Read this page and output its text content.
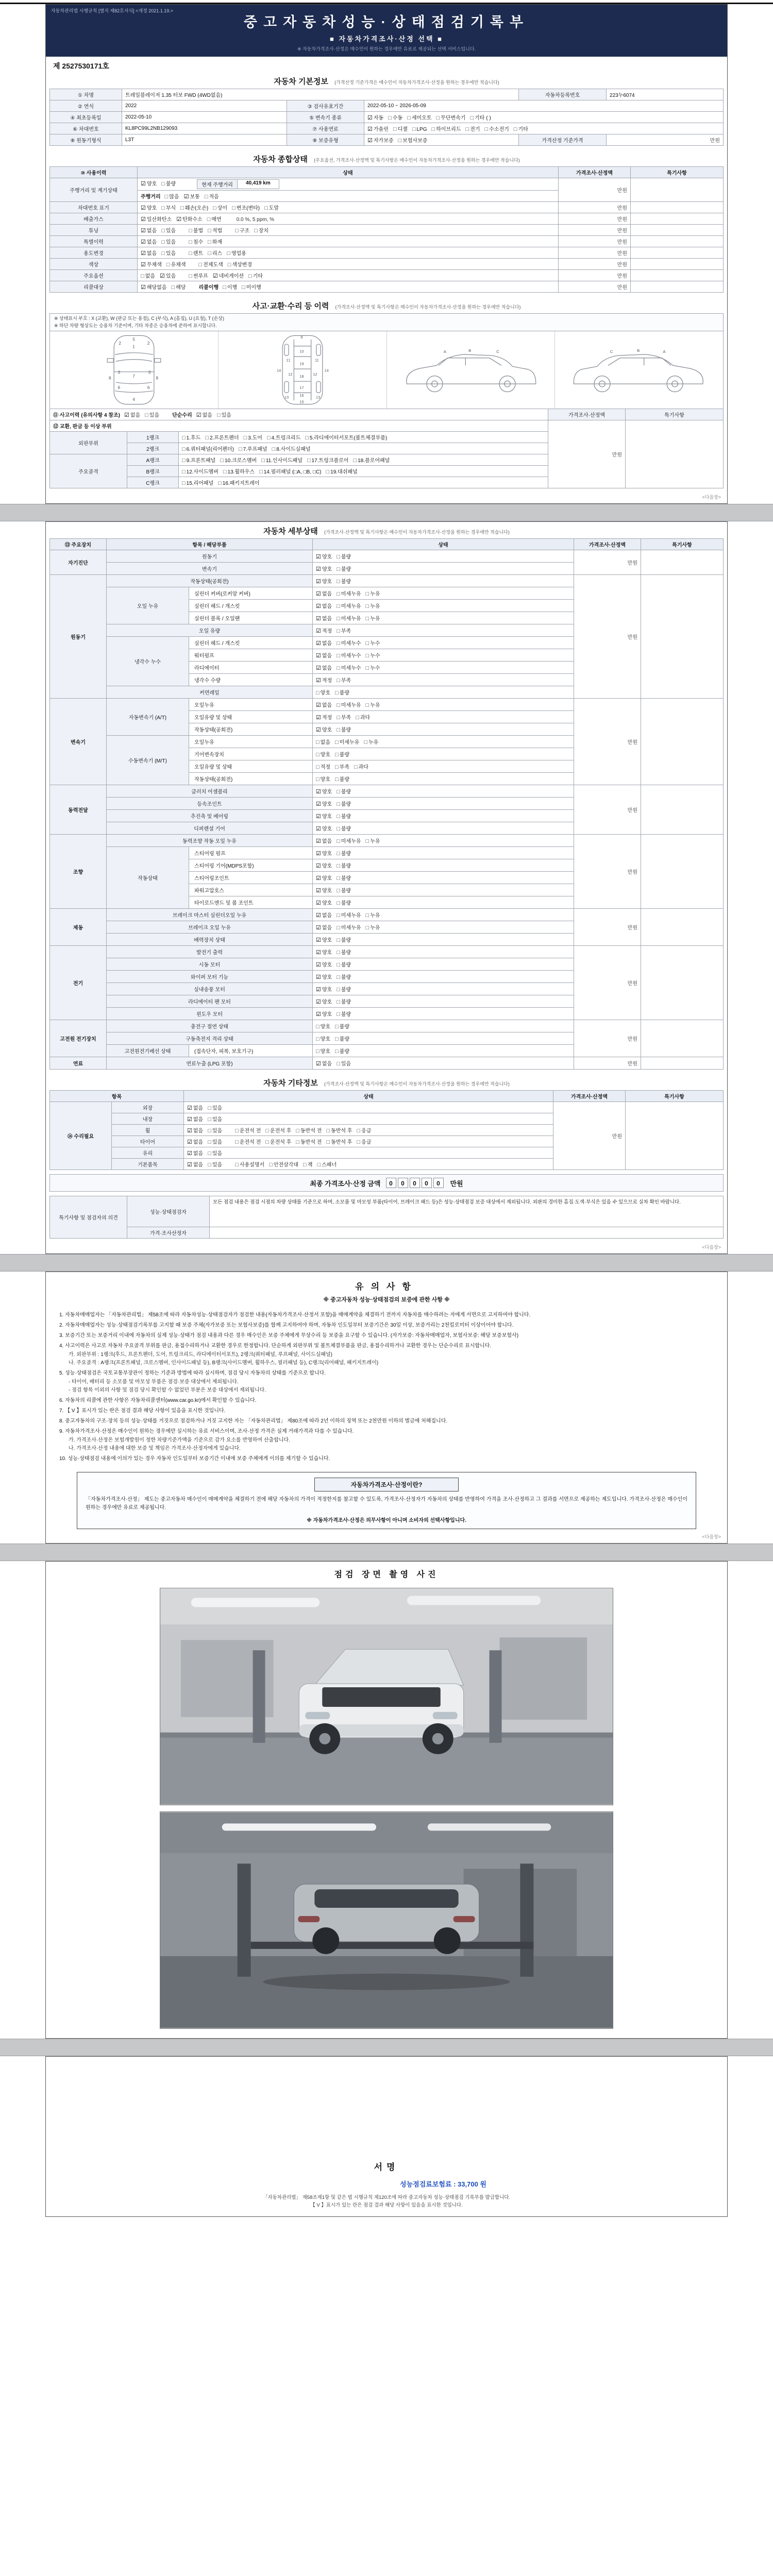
자동차관리법 시행규칙 [별지 제82호서식] <개정 2021.1.19.>
중고자동차성능·상태점검기록부
■ 자동차가격조사·산정 선택 ■
※ 자동차가격조사·산정은 매수인이 원하는 경우에만 유료로 제공되는 선택 서비스입니다.
제 2527530171호
자동차 기본정보 (가격산정 기준가격은 매수인이 자동차가격조사·산정을 원하는 경우에만 적습니다)
① 차명	트레일블레이저 1.35 터보 FWD (4WD없음)			자동차등록번호	223누6074
② 연식	2022	③ 검사유효기간	2022-05-10 ~ 2026-05-09		
④ 최초등록일	2022-05-10	⑤ 변속기 종류	☑ 자동 □ 수동 □ 세미오토 □ 무단변속기 □ 기타 ( )		
⑥ 차대번호	KL8PC99L2NB129093	⑦ 사용연료	☑ 가솔린 □ 디젤 □ LPG □ 하이브리드 □ 전기 □ 수소전기 □ 기타		
⑧ 원동기형식	L3T	⑨ 보증유형	☑ 자가보증 □ 보험사보증	가격산정 기준가격	만원
자동차 종합상태 (주요옵션, 가격조사·산정액 및 특기사항은 매수인이 자동차가격조사·산정을 원하는 경우에만 적습니다)
⑩ 사용이력	상태	가격조사·산정액	특기사항
주행거리 및 계기상태	☑ 양호 □ 불량 현재 주행거리 40,419 km	만원	
	주행거리 □ 많음 ☑ 보통 □ 적음		
차대번호 표기	☑ 양호 □ 부식 □ 훼손(오손) □ 상이 □ 변조(변타) □ 도말	만원	
배출가스	☑ 일산화탄소 ☑ 탄화수소 □ 매연 0.0 %, 5 ppm, %	만원	
튜닝	☑ 없음 □ 있음 □ 불법 □ 적법 □ 구조 □ 장치	만원	
특별이력	☑ 없음 □ 있음 □ 침수 □ 화재	만원	
용도변경	☑ 없음 □ 있음 □ 렌트 □ 리스 □ 영업용	만원	
색상	☑ 무채색 □ 유채색 □ 전체도색 □ 색상변경	만원	
주요옵션	□ 없음 ☑ 있음 □ 썬루프 ☑ 네비게이션 □ 기타	만원	
리콜대상	☑ 해당없음 □ 해당 리콜이행 □ 이행 □ 미이행	만원	
사고·교환·수리 등 이력 (가격조사·산정액 및 특기사항은 매수인이 자동차가격조사·산정을 원하는 경우에만 적습니다)
※ 상태표시 부호 : X (교환), W (판금 또는 용접), C (부식), A (흠집), U (요철), T (손상)
※ 하단 차량 형상도는 승용차 기준이며, 기타 차종은 승용차에 준하여 표시합니다.
1
2	2
3	3
4
5
6	6
7
8	8
9
10
11	11
19
12	12
18
13	13
17
15
16
14	14
A	B	C	C	B	A
⑪ 사고이력 (유의사항 4 참조) ☑ 없음 □ 있음 단순수리 ☑ 없음 □ 있음			가격조사·산정액	특기사항
⑫ 교환, 판금 등 이상 부위			만원	
외판부위	1랭크	□ 1.후드 □ 2.프론트펜더 □ 3.도어 □ 4.트렁크리드 □ 5.라디에이터서포트(볼트체결부품)		
	2랭크	□ 6.쿼터패널(리어펜더) □ 7.루프패널 □ 8.사이드실패널		
주요골격	A랭크	□ 9.프론트패널 □ 10.크로스멤버 □ 11.인사이드패널 □ 17.트렁크플로어 □ 18.플로어패널		
	B랭크	□ 12.사이드멤버 □ 13.휠하우스 □ 14.필러패널 (□A, □B, □C) □ 19.대쉬패널		
	C랭크	□ 15.리어패널 □ 16.패키지트레이		
<다음장>
자동차 세부상태 (가격조사·산정액 및 특기사항은 매수인이 자동차가격조사·산정을 원하는 경우에만 적습니다)
⑬ 주요장치	항목 / 해당부품		상태	가격조사·산정액	특기사항
자기진단	원동기		☑ 양호 □ 불량	만원	
	변속기		☑ 양호 □ 불량		
원동기	작동상태(공회전)		☑ 양호 □ 불량	만원	
	오일 누유	실린더 커버(로커암 커버)	☑ 없음 □ 미세누유 □ 누유		
		실린더 헤드 / 개스킷	☑ 없음 □ 미세누유 □ 누유		
		실린더 블록 / 오일팬	☑ 없음 □ 미세누유 □ 누유		
	오일 유량		☑ 적정 □ 부족		
	냉각수 누수	실린더 헤드 / 개스킷	☑ 없음 □ 미세누수 □ 누수		
		워터펌프	☑ 없음 □ 미세누수 □ 누수		
		라디에이터	☑ 없음 □ 미세누수 □ 누수		
		냉각수 수량	☑ 적정 □ 부족		
	커먼레일		□ 양호 □ 불량		
변속기	자동변속기 (A/T)	오일누유	☑ 없음 □ 미세누유 □ 누유	만원	
		오일유량 및 상태	☑ 적정 □ 부족 □ 과다		
		작동상태(공회전)	☑ 양호 □ 불량		
	수동변속기 (M/T)	오일누유	□ 없음 □ 미세누유 □ 누유		
		기어변속장치	□ 양호 □ 불량		
		오일유량 및 상태	□ 적정 □ 부족 □ 과다		
		작동상태(공회전)	□ 양호 □ 불량		
동력전달	클러치 어셈블리		☑ 양호 □ 불량	만원	
	등속조인트		☑ 양호 □ 불량		
	추진축 및 베어링		☑ 양호 □ 불량		
	디퍼렌셜 기어		☑ 양호 □ 불량		
조향	동력조향 작동 오일 누유		☑ 없음 □ 미세누유 □ 누유	만원	
	작동상태	스티어링 펌프	☑ 양호 □ 불량		
		스티어링 기어(MDPS포함)	☑ 양호 □ 불량		
		스티어링조인트	☑ 양호 □ 불량		
		파워고압호스	☑ 양호 □ 불량		
		타이로드엔드 및 볼 조인트	☑ 양호 □ 불량		
제동	브레이크 마스터 실린더오일 누유		☑ 없음 □ 미세누유 □ 누유	만원	
	브레이크 오일 누유		☑ 없음 □ 미세누유 □ 누유		
	배력장치 상태		☑ 양호 □ 불량		
전기	발전기 출력		☑ 양호 □ 불량	만원	
	시동 모터		☑ 양호 □ 불량		
	와이퍼 모터 기능		☑ 양호 □ 불량		
	실내송풍 모터		☑ 양호 □ 불량		
	라디에이터 팬 모터		☑ 양호 □ 불량		
	윈도우 모터		☑ 양호 □ 불량		
고전원 전기장치	충전구 절연 상태		□ 양호 □ 불량	만원	
	구동축전지 격리 상태		□ 양호 □ 불량		
	고전원전기배선 상태	(접속단자, 피복, 보호기구)	□ 양호 □ 불량		
연료	연료누출 (LPG 포함)		☑ 없음 □ 있음	만원	
자동차 기타정보 (가격조사·산정액 및 특기사항은 매수인이 자동차가격조사·산정을 원하는 경우에만 적습니다)
항목		상태	가격조사·산정액	특기사항
⑭ 수리필요	외장	☑ 없음 □ 있음	만원	
	내장	☑ 없음 □ 있음		
	휠	☑ 없음 □ 있음 □ 운전석 전 □ 운전석 후 □ 동반석 전 □ 동반석 후 □ 응급		
	타이어	☑ 없음 □ 있음 □ 운전석 전 □ 운전석 후 □ 동반석 전 □ 동반석 후 □ 응급		
	유리	☑ 없음 □ 있음		
	기본품목	☑ 없음 □ 있음 □ 사용설명서 □ 안전삼각대 □ 잭 □ 스패너		
최종 가격조사·산정 금액	0 0 0 0 0	만원
특기사항 및 점검자의 의견	성능·상태점검자	모든 점검 내용은 점검 시점의 차량 상태를 기준으로 하며, 소모품 및 마모성 부품(타이어, 브레이크 패드 등)은 성능·상태점검 보증 대상에서 제외됩니다. 외판의 경미한 흠집·도색·부식은 있을 수 있으므로 실차 확인 바랍니다.
	가격·조사산정자	
<다음장>
유의사항
※ 중고자동차 성능·상태점검의 보증에 관한 사항 ※
1. 자동차매매업자는 「자동차관리법」 제58조에 따라 자동차성능·상태점검자가 점검한 내용(자동차가격조사·산정서 포함)을 매매계약을 체결하기 전까지 자동차를 매수하려는 자에게 서면으로 고지하여야 합니다.
2. 자동차매매업자는 성능·상태점검기록부를 고지할 때 보증 주체(자가보증 또는 보험사보증)를 함께 고지하여야 하며, 자동차 인도일부터 보증기간은 30일 이상, 보증거리는 2천킬로미터 이상이어야 합니다.
3. 보증기간 또는 보증거리 이내에 자동차의 실제 성능·상태가 점검 내용과 다른 경우 매수인은 보증 주체에게 무상수리 등 보증을 요구할 수 있습니다. (자가보증: 자동차매매업자, 보험사보증: 해당 보증보험사)
4. 사고이력은 사고로 자동차 주요골격 부위를 판금, 용접수리하거나 교환한 경우로 한정합니다. 단순하게 외판부위 및 볼트체결부품을 판금, 용접수리하거나 교환한 경우는 단순수리로 표시합니다.
가. 외판부위 : 1랭크(후드, 프론트펜더, 도어, 트렁크리드, 라디에이터서포트), 2랭크(쿼터패널, 루프패널, 사이드실패널)
나. 주요골격 : A랭크(프론트패널, 크로스멤버, 인사이드패널 등), B랭크(사이드멤버, 휠하우스, 필러패널 등), C랭크(리어패널, 패키지트레이)
5. 성능·상태점검은 국토교통부장관이 정하는 기준과 방법에 따라 실시하며, 점검 당시 자동차의 상태를 기준으로 합니다.
- 타이어, 배터리 등 소모품 및 마모성 부품은 점검·보증 대상에서 제외됩니다.
- 점검 항목 이외의 사항 및 점검 당시 확인할 수 없었던 부분은 보증 대상에서 제외됩니다.
6. 자동차의 리콜에 관한 사항은 자동차리콜센터(www.car.go.kr)에서 확인할 수 있습니다.
7. 【 V 】표시가 있는 란은 점검 결과 해당 사항이 있음을 표시한 것입니다.
8. 중고자동차의 구조·장치 등의 성능·상태를 거짓으로 점검하거나 거짓 고지한 자는 「자동차관리법」 제80조에 따라 2년 이하의 징역 또는 2천만원 이하의 벌금에 처해집니다.
9. 자동차가격조사·산정은 매수인이 원하는 경우에만 실시하는 유료 서비스이며, 조사·산정 가격은 실제 거래가격과 다를 수 있습니다.
가. 가격조사·산정은 보험개발원이 정한 차량기준가액을 기준으로 감가 요소를 반영하여 산출합니다.
나. 가격조사·산정 내용에 대한 보증 및 책임은 가격조사·산정자에게 있습니다.
10. 성능·상태점검 내용에 이의가 있는 경우 자동차 인도일부터 보증기간 이내에 보증 주체에게 이의를 제기할 수 있습니다.
자동차가격조사·산정이란?
「자동차가격조사·산정」 제도는 중고자동차 매수인이 매매계약을 체결하기 전에 해당 자동차의 가격이 적정한지를 참고할 수 있도록, 가격조사·산정자가 자동차의 상태를 반영하여 가격을 조사·산정하고 그 결과를 서면으로 제공하는 제도입니다. 가격조사·산정은 매수인이 원하는 경우에만 유료로 제공됩니다.
※ 자동차가격조사·산정은 의무사항이 아니며 소비자의 선택사항입니다.
<다음장>
점검 장면 촬영 사진
서명
성능점검료보험료 : 33,700 원
「자동차관리법」 제58조제1항 및 같은 법 시행규칙 제120조에 따라 중고자동차 성능·상태점검 기록부를 발급합니다.
【 V 】표시가 있는 란은 점검 결과 해당 사항이 있음을 표시한 것입니다.
